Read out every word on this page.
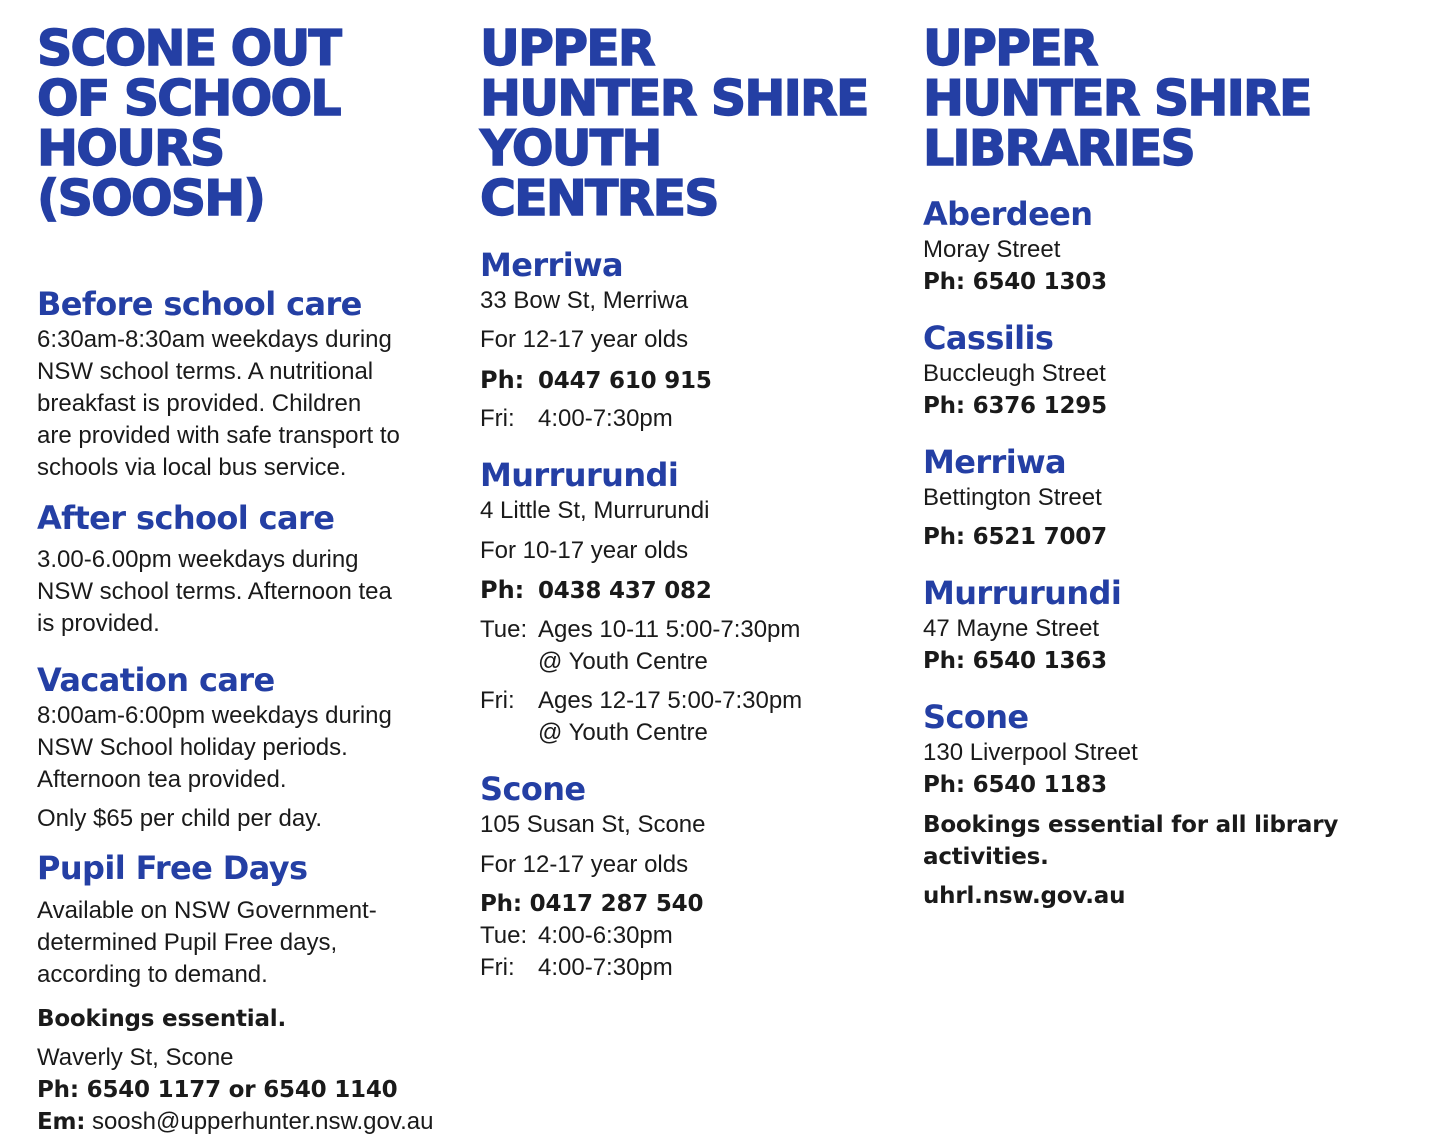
SCONE OUT
OF SCHOOL
HOURS
(SOOSH)
Before school care
6:30am-8:30am weekdays during
NSW school terms. A nutritional
breakfast is provided. Children
are provided with safe transport to
schools via local bus service.
After school care
3.00-6.00pm weekdays during
NSW school terms. Afternoon tea
is provided.
Vacation care
8:00am-6:00pm weekdays during
NSW School holiday periods.
Afternoon tea provided.
Only $65 per child per day.
Pupil Free Days
Available on NSW Government-
determined Pupil Free days,
according to demand.
Bookings essential.
Waverly St, Scone
Ph: 6540 1177 or 6540 1140
Em: soosh@upperhunter.nsw.gov.au
UPPER
HUNTER SHIRE
YOUTH
CENTRES
Merriwa
33 Bow St, Merriwa
For 12-17 year olds
Ph: 0447 610 915
Fri: 4:00-7:30pm
Murrurundi
4 Little St, Murrurundi
For 10-17 year olds
Ph: 0438 437 082
Tue: Ages 10-11 5:00-7:30pm
@ Youth Centre
Fri: Ages 12-17 5:00-7:30pm
@ Youth Centre
Scone
105 Susan St, Scone
For 12-17 year olds
Ph: 0417 287 540
Tue: 4:00-6:30pm
Fri: 4:00-7:30pm
UPPER
HUNTER SHIRE
LIBRARIES
Aberdeen
Moray Street
Ph: 6540 1303
Cassilis
Buccleugh Street
Ph: 6376 1295
Merriwa
Bettington Street
Ph: 6521 7007
Murrurundi
47 Mayne Street
Ph: 6540 1363
Scone
130 Liverpool Street
Ph: 6540 1183
Bookings essential for all library
activities.
uhrl.nsw.gov.au
